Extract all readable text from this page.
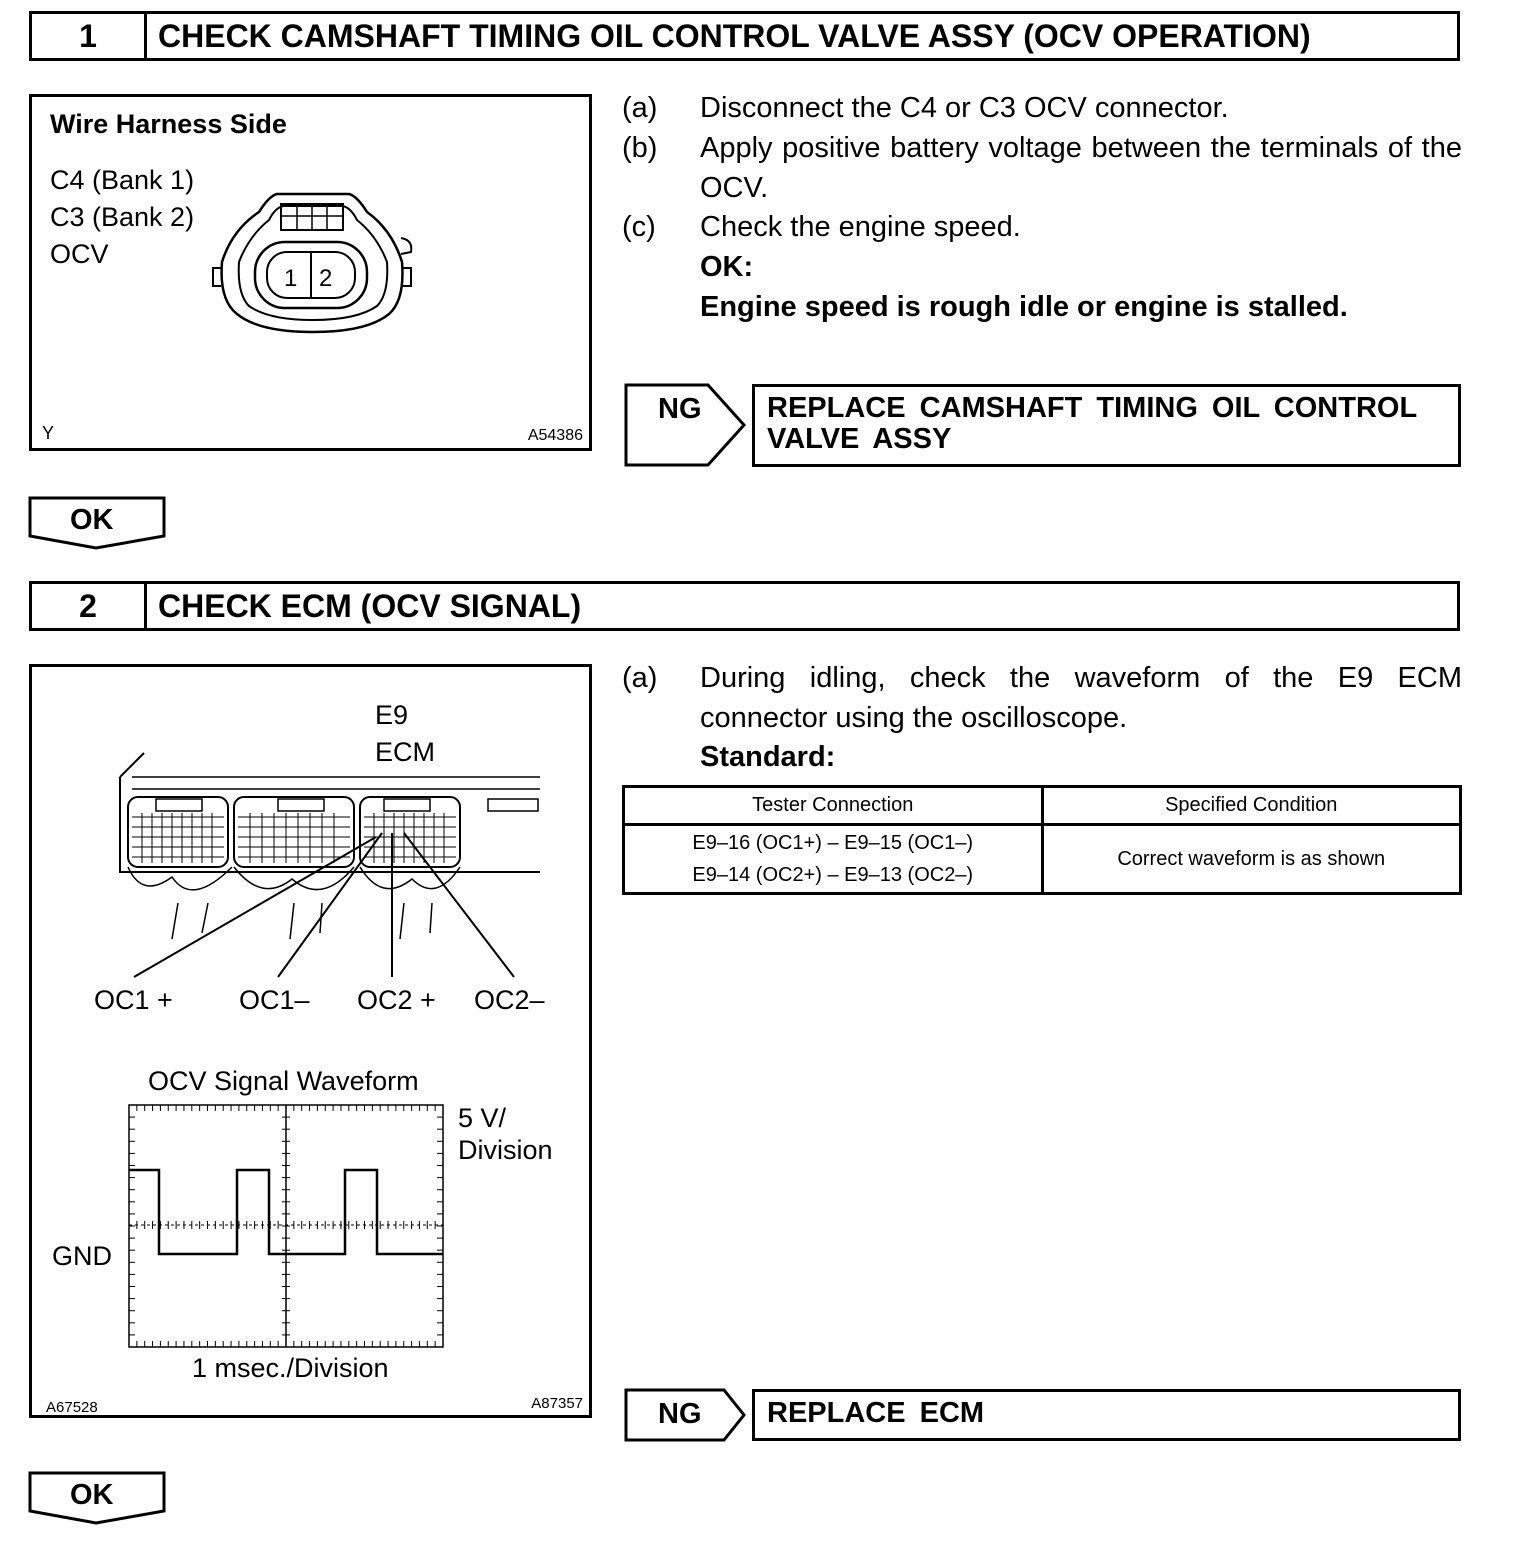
1	CHECK CAMSHAFT TIMING OIL CONTROL VALVE ASSY (OCV OPERATION)
Wire Harness Side
C4 (Bank 1)
C3 (Bank 2)
OCV
1 2
Y	A54386
(a) Disconnect the C4 or C3 OCV connector.
(b) Apply positive battery voltage between the terminals of the OCV.
(c) Check the engine speed.
OK:
Engine speed is rough idle or engine is stalled.
NG	REPLACE CAMSHAFT TIMING OIL CONTROL VALVE ASSY
OK
2	CHECK ECM (OCV SIGNAL)
E9
ECM
OC1 + OC1– OC2 + OC2–
OCV Signal Waveform
5 V/
Division
GND
1 msec./Division
A67528	A87357
(a) During idling, check the waveform of the E9 ECM connector using the oscilloscope.
Standard:
Tester Connection	Specified Condition

E9–16 (OC1+) – E9–15 (OC1–)
E9–14 (OC2+) – E9–13 (OC2–)	Correct waveform is as shown
NG	REPLACE ECM
OK
